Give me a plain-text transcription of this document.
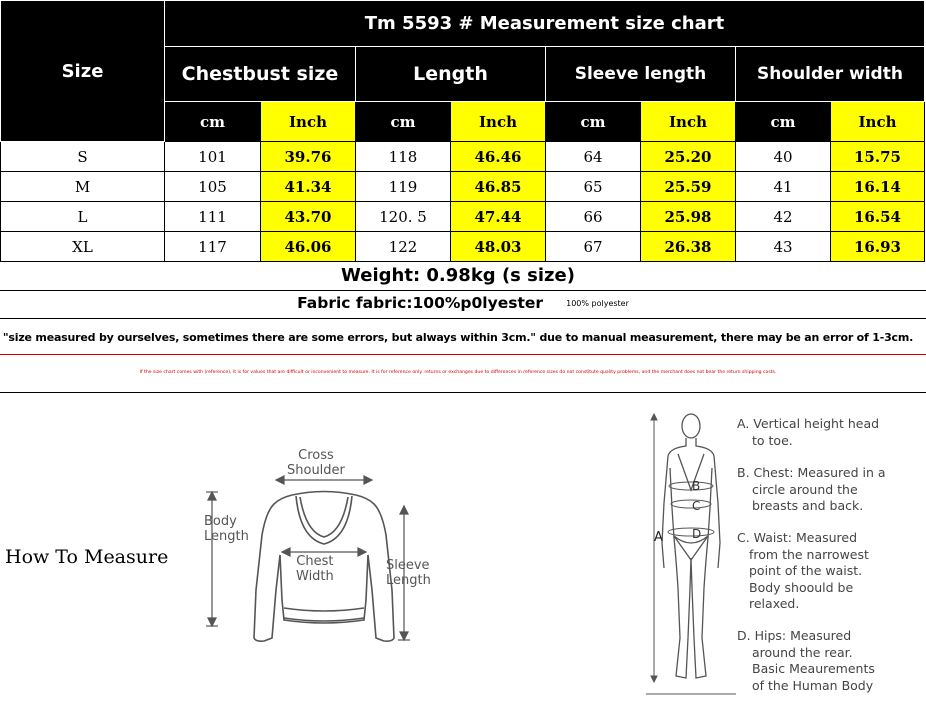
Size	Tm 5593 # Measurement size chart							
	Chestbust size		Length		Sleeve length		Shoulder width	
	cm	Inch	cm	Inch	cm	Inch	cm	Inch
S	101	39.76	118	46.46	64	25.20	40	15.75
M	105	41.34	119	46.85	65	25.59	41	16.14
L	111	43.70	120. 5	47.44	66	25.98	42	16.54
XL	117	46.06	122	48.03	67	26.38	43	16.93
Weight: 0.98kg (s size)
Fabric fabric:100%p0lyester	100% polyester
"size measured by ourselves, sometimes there are some errors, but always within 3cm." due to manual measurement, there may be an error of 1-3cm.
If the size chart comes with (reference), it is for values that are difficult or inconvenient to measure. It is for reference only. returns or exchanges due to differences in reference sizes do not constitute quality problems, and the merchant does not bear the return shipping costs.
How To Measure
Cross
Shoulder
Body
Length
Chest
Width
Sleeve
Length
A
B
C
D
A. Vertical height head
to toe.
B. Chest: Measured in a
circle around the
breasts and back.
C. Waist: Measured
from the narrowest
point of the waist.
Body shoould be
relaxed.
D. Hips: Measured
around the rear.
Basic Meaurements
of the Human Body
